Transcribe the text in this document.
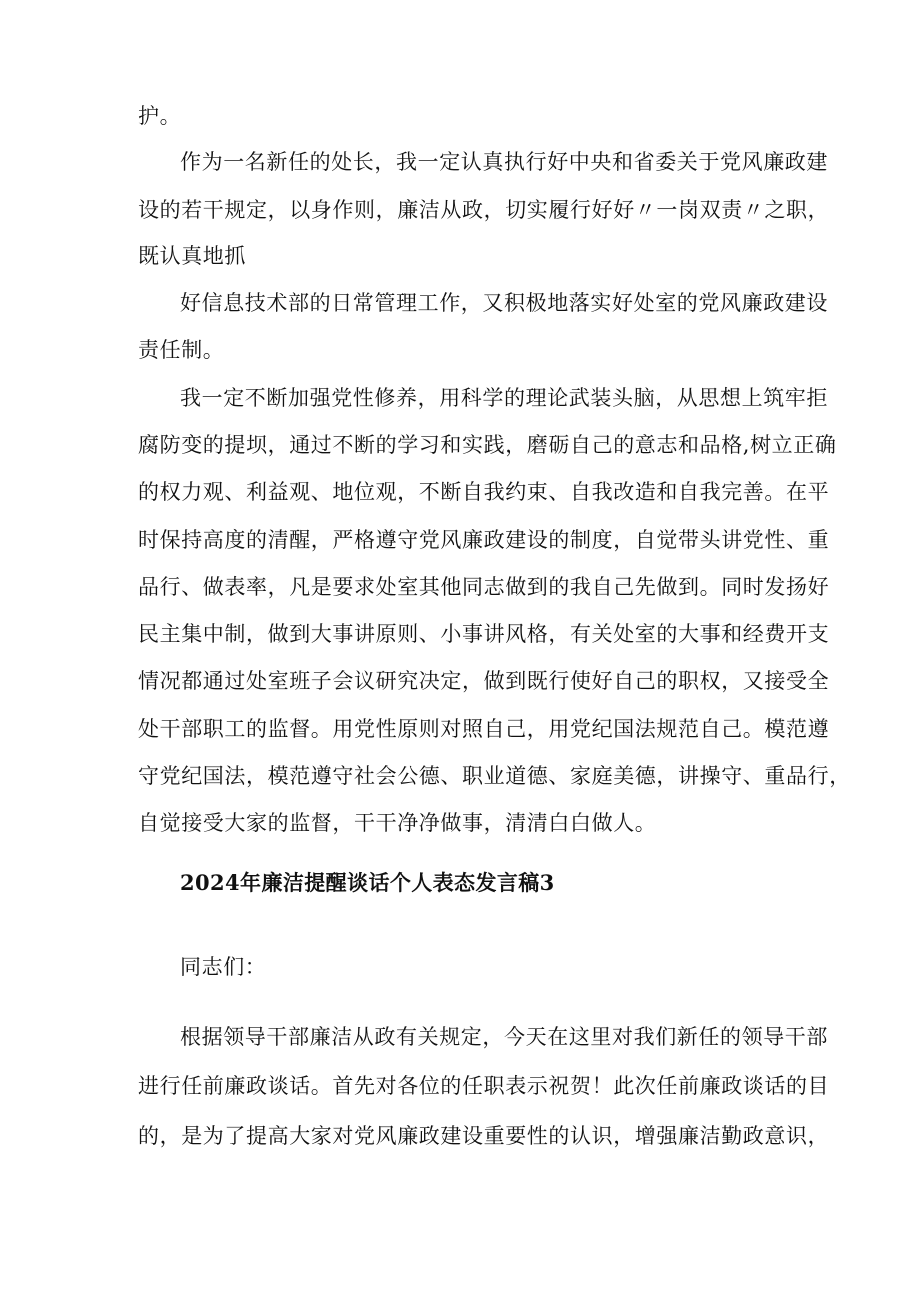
护。
作为一名新任的处长，我一定认真执行好中央和省委关于党风廉政建
设的若干规定，以身作则，廉洁从政，切实履行好好〃一岗双责〃之职，
既认真地抓
好信息技术部的日常管理工作，又积极地落实好处室的党风廉政建设
责任制。
我一定不断加强党性修养，用科学的理论武装头脑，从思想上筑牢拒
腐防变的提坝，通过不断的学习和实践，磨砺自己的意志和品格,树立正确
的权力观、利益观、地位观，不断自我约束、自我改造和自我完善。在平
时保持高度的清醒，严格遵守党风廉政建设的制度，自觉带头讲党性、重
品行、做表率，凡是要求处室其他同志做到的我自己先做到。同时发扬好
民主集中制，做到大事讲原则、小事讲风格，有关处室的大事和经费开支
情况都通过处室班子会议研究决定，做到既行使好自己的职权，又接受全
处干部职工的监督。用党性原则对照自己，用党纪国法规范自己。模范遵
守党纪国法，模范遵守社会公德、职业道德、家庭美德，讲操守、重品行，
自觉接受大家的监督，干干净净做事，清清白白做人。
2024年廉洁提醒谈话个人表态发言稿3
同志们：
根据领导干部廉洁从政有关规定，今天在这里对我们新任的领导干部
进行任前廉政谈话。首先对各位的任职表示祝贺！此次任前廉政谈话的目
的，是为了提高大家对党风廉政建设重要性的认识，增强廉洁勤政意识，
